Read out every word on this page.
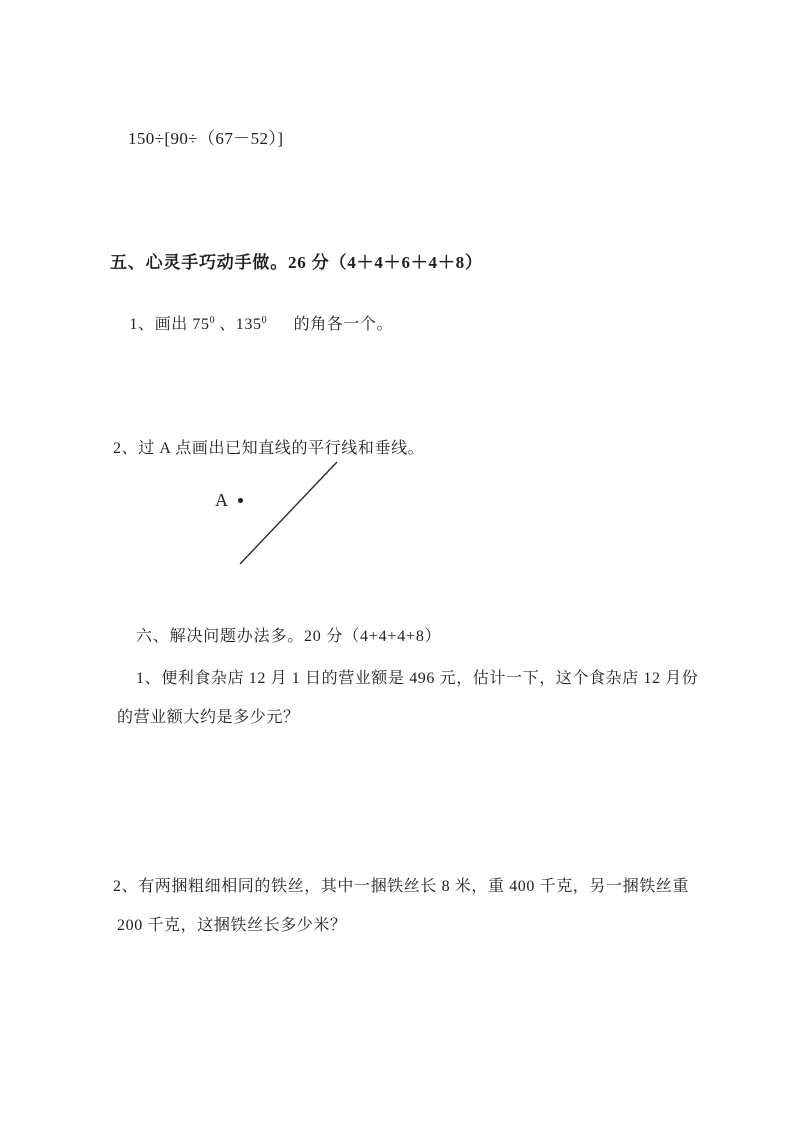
150÷[90÷（67－52）]
五、心灵手巧动手做。26 分（4＋4＋6＋4＋8）

1、画出 $75^0$ 、$135^0$ 的角各一个。

2、过 A 点画出已知直线的平行线和垂线。
A
六、解决问题办法多。20 分（4+4+4+8）
1、便利食杂店 12 月 1 日的营业额是 496 元，估计一下，这个食杂店 12 月份
的营业额大约是多少元？
2、有两捆粗细相同的铁丝，其中一捆铁丝长 8 米，重 400 千克，另一捆铁丝重
200 千克，这捆铁丝长多少米？
